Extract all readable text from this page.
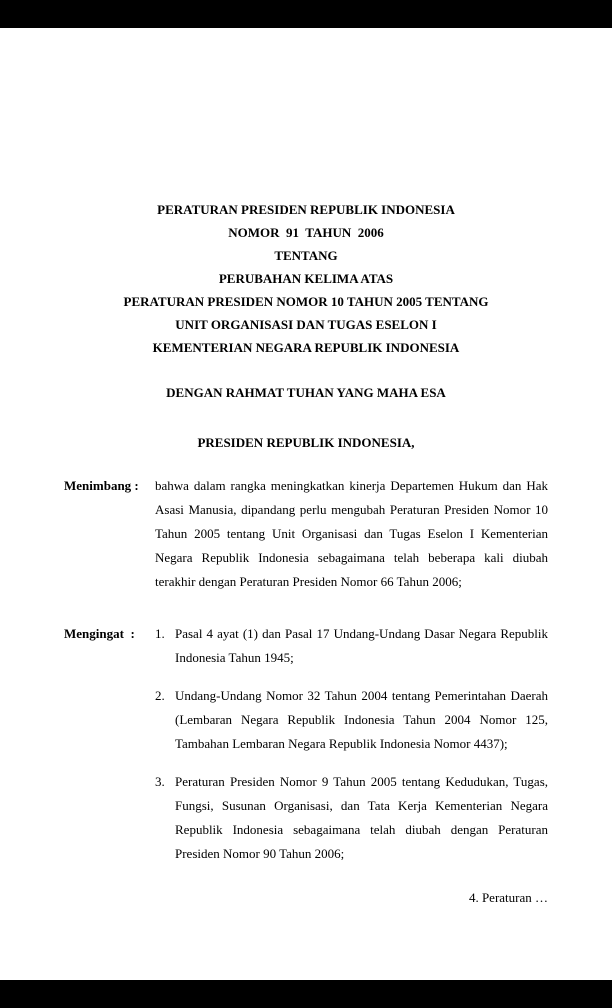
PERATURAN PRESIDEN REPUBLIK INDONESIA
NOMOR  91  TAHUN  2006
TENTANG
PERUBAHAN KELIMA ATAS
PERATURAN PRESIDEN NOMOR 10 TAHUN 2005 TENTANG
UNIT ORGANISASI DAN TUGAS ESELON I
KEMENTERIAN NEGARA REPUBLIK INDONESIA
DENGAN RAHMAT TUHAN YANG MAHA ESA
PRESIDEN REPUBLIK INDONESIA,
Menimbang :	bahwa dalam rangka meningkatkan kinerja Departemen Hukum dan Hak Asasi Manusia, dipandang perlu mengubah Peraturan Presiden Nomor 10 Tahun 2005 tentang Unit Organisasi dan Tugas Eselon I Kementerian Negara Republik Indonesia sebagaimana telah beberapa kali diubah terakhir dengan Peraturan Presiden Nomor 66 Tahun 2006;
Mengingat  :	1. Pasal 4 ayat (1) dan Pasal 17 Undang-Undang Dasar Negara Republik Indonesia Tahun 1945;
2. Undang-Undang Nomor 32 Tahun 2004 tentang Pemerintahan Daerah (Lembaran Negara Republik Indonesia Tahun 2004 Nomor 125, Tambahan Lembaran Negara Republik Indonesia Nomor 4437);
3. Peraturan Presiden Nomor 9 Tahun 2005 tentang Kedudukan, Tugas, Fungsi, Susunan Organisasi, dan Tata Kerja Kementerian Negara Republik Indonesia sebagaimana telah diubah dengan Peraturan Presiden Nomor 90 Tahun 2006;
4. Peraturan …
